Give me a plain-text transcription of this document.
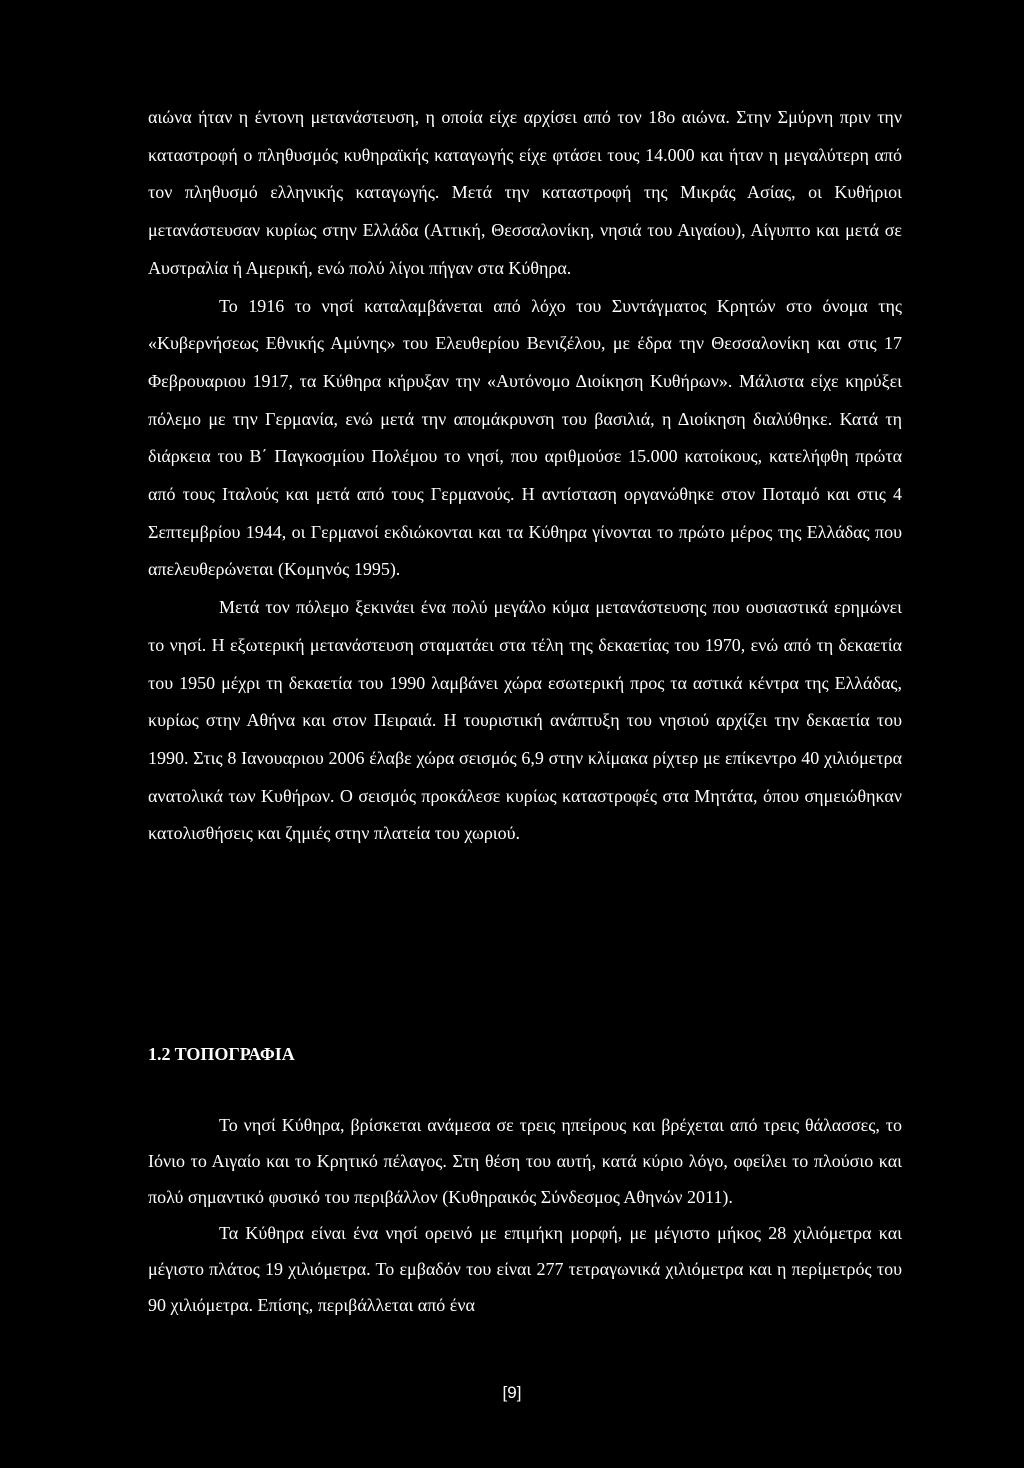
αιώνα ήταν η έντονη μετανάστευση, η οποία είχε αρχίσει από τον 18ο αιώνα. Στην Σμύρνη πριν την καταστροφή ο πληθυσμός κυθηραϊκής καταγωγής είχε φτάσει τους 14.000 και ήταν η μεγαλύτερη από τον πληθυσμό ελληνικής καταγωγής. Μετά την καταστροφή της Μικράς Ασίας, οι Κυθήριοι μετανάστευσαν κυρίως στην Ελλάδα (Αττική, Θεσσαλονίκη, νησιά του Αιγαίου), Αίγυπτο και μετά σε Αυστραλία ή Αμερική, ενώ πολύ λίγοι πήγαν στα Κύθηρα.

Το 1916 το νησί καταλαμβάνεται από λόχο του Συντάγματος Κρητών στο όνομα της «Κυβερνήσεως Εθνικής Αμύνης» του Ελευθερίου Βενιζέλου, με έδρα την Θεσσαλονίκη και στις 17 Φεβρουαριου 1917, τα Κύθηρα κήρυξαν την «Αυτόνομο Διοίκηση Κυθήρων». Μάλιστα είχε κηρύξει πόλεμο με την Γερμανία, ενώ μετά την απομάκρυνση του βασιλιά, η Διοίκηση διαλύθηκε. Κατά τη διάρκεια του Β΄ Παγκοσμίου Πολέμου το νησί, που αριθμούσε 15.000 κατοίκους, κατελήφθη πρώτα από τους Ιταλούς και μετά από τους Γερμανούς. Η αντίσταση οργανώθηκε στον Ποταμό και στις 4 Σεπτεμβρίου 1944, οι Γερμανοί εκδιώκονται και τα Κύθηρα γίνονται το πρώτο μέρος της Ελλάδας που απελευθερώνεται (Κομηνός 1995).

Μετά τον πόλεμο ξεκινάει ένα πολύ μεγάλο κύμα μετανάστευσης που ουσιαστικά ερημώνει το νησί. Η εξωτερική μετανάστευση σταματάει στα τέλη της δεκαετίας του 1970, ενώ από τη δεκαετία του 1950 μέχρι τη δεκαετία του 1990 λαμβάνει χώρα εσωτερική προς τα αστικά κέντρα της Ελλάδας, κυρίως στην Αθήνα και στον Πειραιά. Η τουριστική ανάπτυξη του νησιού αρχίζει την δεκαετία του 1990. Στις 8 Ιανουαριου 2006 έλαβε χώρα σεισμός 6,9 στην κλίμακα ρίχτερ με επίκεντρο 40 χιλιόμετρα ανατολικά των Κυθήρων. Ο σεισμός προκάλεσε κυρίως καταστροφές στα Μητάτα, όπου σημειώθηκαν κατολισθήσεις και ζημιές στην πλατεία του χωριού.

1.2 ΤΟΠΟΓΡΑΦΙΑ

Το νησί Κύθηρα, βρίσκεται ανάμεσα σε τρεις ηπείρους και βρέχεται από τρεις θάλασσες, το Ιόνιο το Αιγαίο και το Κρητικό πέλαγος. Στη θέση του αυτή, κατά κύριο λόγο, οφείλει το πλούσιο και πολύ σημαντικό φυσικό του περιβάλλον (Κυθηραικός Σύνδεσμος Αθηνών 2011).

Τα Κύθηρα είναι ένα νησί ορεινό με επιμήκη μορφή, με μέγιστο μήκος 28 χιλιόμετρα και μέγιστο πλάτος 19 χιλιόμετρα. Το εμβαδόν του είναι 277 τετραγωνικά χιλιόμετρα και η περίμετρός του 90 χιλιόμετρα. Επίσης, περιβάλλεται από ένα

[9]
